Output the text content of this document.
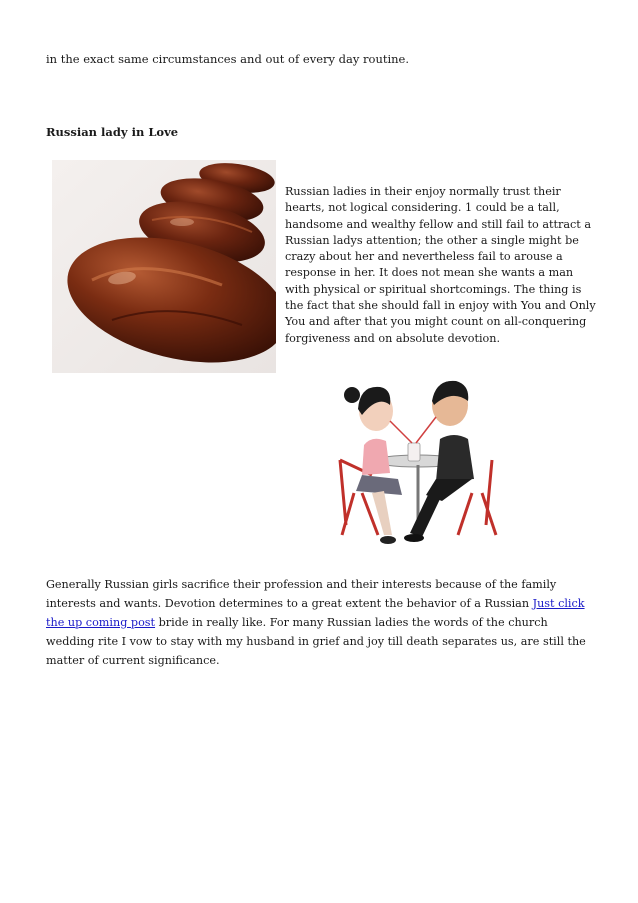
in the exact same circumstances and out of every day routine.
Russian lady in Love
Russian ladies in their enjoy normally trust their hearts, not logical considering. 1 could be a tall, handsome and wealthy fellow and still fail to attract a Russian ladys attention; the other a single might be crazy about her and nevertheless fail to arouse a response in her. It does not mean she wants a man with physical or spiritual shortcomings. The thing is the fact that she should fall in enjoy with You and Only You and after that you might count on all-conquering forgiveness and on absolute devotion.
Generally Russian girls sacrifice their profession and their interests because of the family interests and wants. Devotion determines to a great extent the behavior of a Russian Just click the up coming post bride in really like. For many Russian ladies the words of the church wedding rite I vow to stay with my husband in grief and joy till death separates us, are still the matter of current significance.
